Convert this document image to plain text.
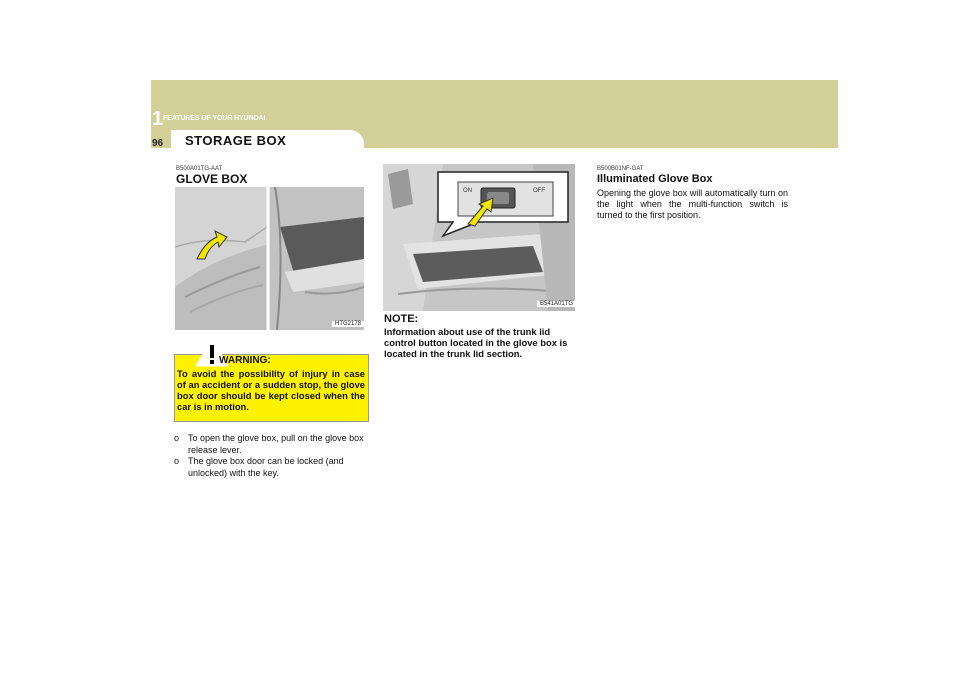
1 FEATURES OF YOUR HYUNDAI
96 STORAGE BOX
B500A01TG-AAT
GLOVE BOX
HTG2178
WARNING:
To avoid the possibility of injury in case of an accident or a sudden stop, the glove box door should be kept closed when the car is in motion.
o To open the glove box, pull on the glove box release lever.
o The glove box door can be locked (and unlocked) with the key.
ON	OFF
B541A01TG
NOTE:
Information about use of the trunk lid control button located in the glove box is located in the trunk lid section.
B500B01NF-GAT
Illuminated Glove Box
Opening the glove box will automatically turn on the light when the multi-function switch is turned to the first position.
